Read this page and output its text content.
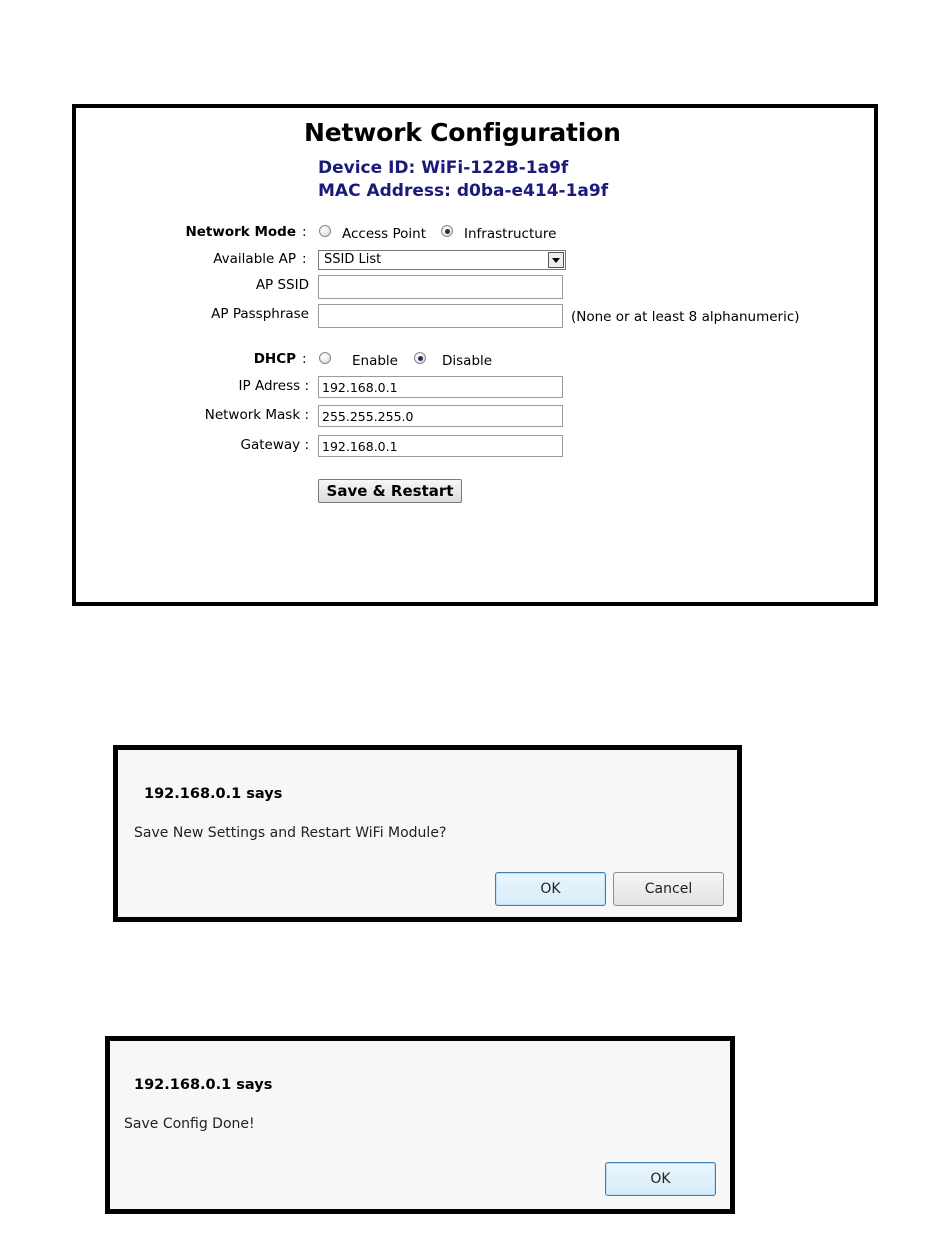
Network Configuration
Device ID: WiFi-122B-1a9f
MAC Address: d0ba-e414-1a9f
Network Mode :	Access Point	Infrastructure
Available AP :	SSID List
AP SSID
AP Passphrase	(None or at least 8 alphanumeric)
DHCP :	Enable	Disable
IP Adress :
192.168.0.1
Network Mask :
255.255.255.0
Gateway :
192.168.0.1
Save & Restart
192.168.0.1 says
Save New Settings and Restart WiFi Module?
OK	Cancel
192.168.0.1 says
Save Config Done!
OK
